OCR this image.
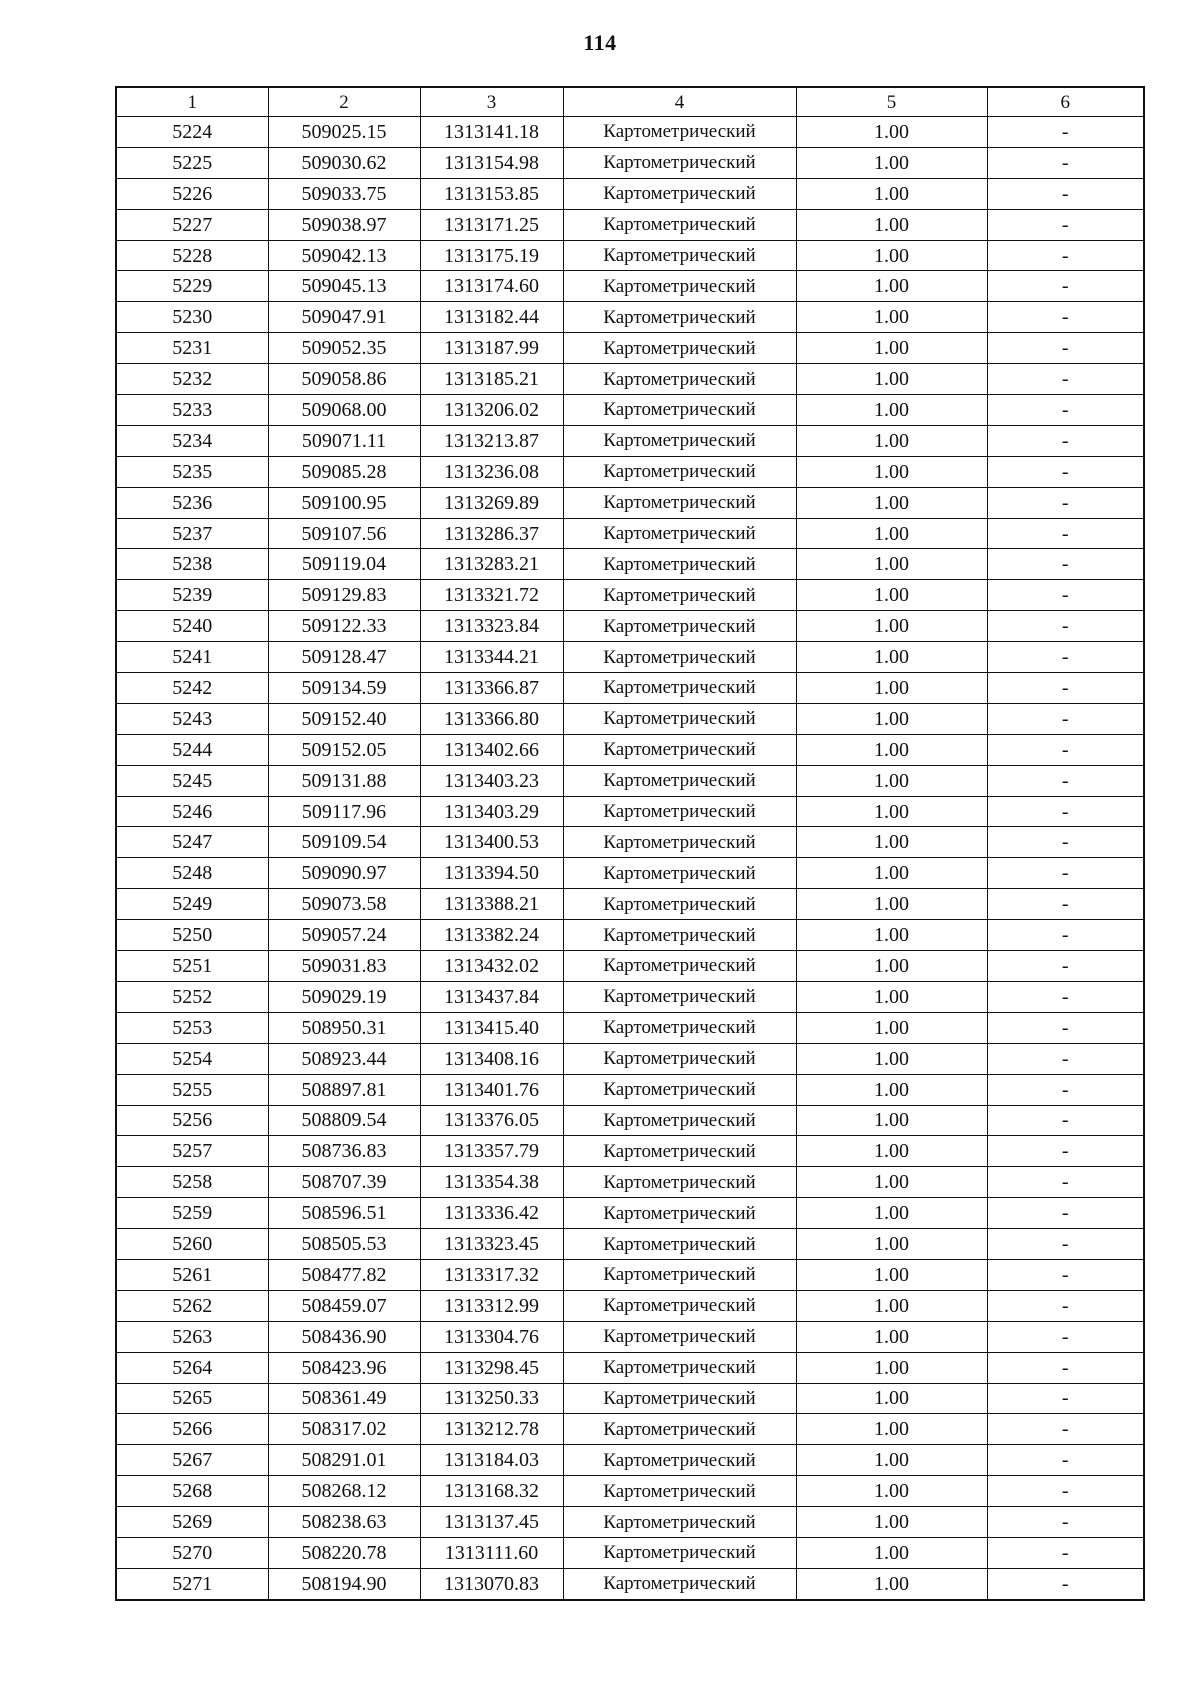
114
1	2	3	4	5	6
5224	509025.15	1313141.18	Картометрический	1.00	-
5225	509030.62	1313154.98	Картометрический	1.00	-
5226	509033.75	1313153.85	Картометрический	1.00	-
5227	509038.97	1313171.25	Картометрический	1.00	-
5228	509042.13	1313175.19	Картометрический	1.00	-
5229	509045.13	1313174.60	Картометрический	1.00	-
5230	509047.91	1313182.44	Картометрический	1.00	-
5231	509052.35	1313187.99	Картометрический	1.00	-
5232	509058.86	1313185.21	Картометрический	1.00	-
5233	509068.00	1313206.02	Картометрический	1.00	-
5234	509071.11	1313213.87	Картометрический	1.00	-
5235	509085.28	1313236.08	Картометрический	1.00	-
5236	509100.95	1313269.89	Картометрический	1.00	-
5237	509107.56	1313286.37	Картометрический	1.00	-
5238	509119.04	1313283.21	Картометрический	1.00	-
5239	509129.83	1313321.72	Картометрический	1.00	-
5240	509122.33	1313323.84	Картометрический	1.00	-
5241	509128.47	1313344.21	Картометрический	1.00	-
5242	509134.59	1313366.87	Картометрический	1.00	-
5243	509152.40	1313366.80	Картометрический	1.00	-
5244	509152.05	1313402.66	Картометрический	1.00	-
5245	509131.88	1313403.23	Картометрический	1.00	-
5246	509117.96	1313403.29	Картометрический	1.00	-
5247	509109.54	1313400.53	Картометрический	1.00	-
5248	509090.97	1313394.50	Картометрический	1.00	-
5249	509073.58	1313388.21	Картометрический	1.00	-
5250	509057.24	1313382.24	Картометрический	1.00	-
5251	509031.83	1313432.02	Картометрический	1.00	-
5252	509029.19	1313437.84	Картометрический	1.00	-
5253	508950.31	1313415.40	Картометрический	1.00	-
5254	508923.44	1313408.16	Картометрический	1.00	-
5255	508897.81	1313401.76	Картометрический	1.00	-
5256	508809.54	1313376.05	Картометрический	1.00	-
5257	508736.83	1313357.79	Картометрический	1.00	-
5258	508707.39	1313354.38	Картометрический	1.00	-
5259	508596.51	1313336.42	Картометрический	1.00	-
5260	508505.53	1313323.45	Картометрический	1.00	-
5261	508477.82	1313317.32	Картометрический	1.00	-
5262	508459.07	1313312.99	Картометрический	1.00	-
5263	508436.90	1313304.76	Картометрический	1.00	-
5264	508423.96	1313298.45	Картометрический	1.00	-
5265	508361.49	1313250.33	Картометрический	1.00	-
5266	508317.02	1313212.78	Картометрический	1.00	-
5267	508291.01	1313184.03	Картометрический	1.00	-
5268	508268.12	1313168.32	Картометрический	1.00	-
5269	508238.63	1313137.45	Картометрический	1.00	-
5270	508220.78	1313111.60	Картометрический	1.00	-
5271	508194.90	1313070.83	Картометрический	1.00	-
